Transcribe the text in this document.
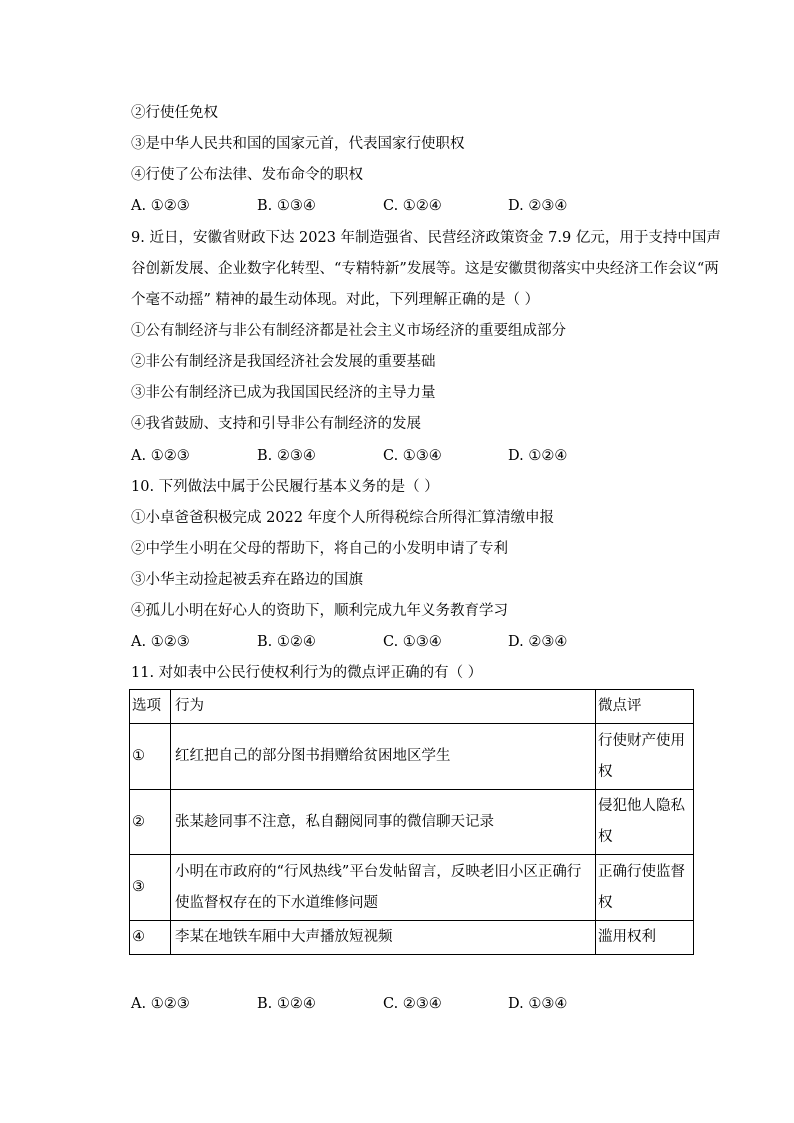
②行使任免权
③是中华人民共和国的国家元首，代表国家行使职权
④行使了公布法律、发布命令的职权
A. ①②③	B. ①③④	C. ①②④	D. ②③④
9. 近日，安徽省财政下达 2023 年制造强省、民营经济政策资金 7.9 亿元，用于支持中国声
谷创新发展、企业数字化转型、“专精特新”发展等。这是安徽贯彻落实中央经济工作会议“两
个毫不动摇” 精神的最生动体现。对此，下列理解正确的是（ ）
①公有制经济与非公有制经济都是社会主义市场经济的重要组成部分
②非公有制经济是我国经济社会发展的重要基础
③非公有制经济已成为我国国民经济的主导力量
④我省鼓励、支持和引导非公有制经济的发展
A. ①②③	B. ②③④	C. ①③④	D. ①②④
10. 下列做法中属于公民履行基本义务的是（ ）
①小卓爸爸积极完成 2022 年度个人所得税综合所得汇算清缴申报
②中学生小明在父母的帮助下，将自己的小发明申请了专利
③小华主动捡起被丢弃在路边的国旗
④孤儿小明在好心人的资助下，顺利完成九年义务教育学习
A. ①②③	B. ①②④	C. ①③④	D. ②③④
11. 对如表中公民行使权利行为的微点评正确的有（ ）
选项	行为	微点评
①	红红把自己的部分图书捐赠给贫困地区学生	行使财产使用权

②	张某趁同事不注意，私自翻阅同事的微信聊天记录	侵犯他人隐私权

③	小明在市政府的“行风热线”平台发帖留言，反映老旧小区正确行使监督权存在的下水道维修问题	正确行使监督权

④	李某在地铁车厢中大声播放短视频	滥用权利
A. ①②③	B. ①②④	C. ②③④	D. ①③④
